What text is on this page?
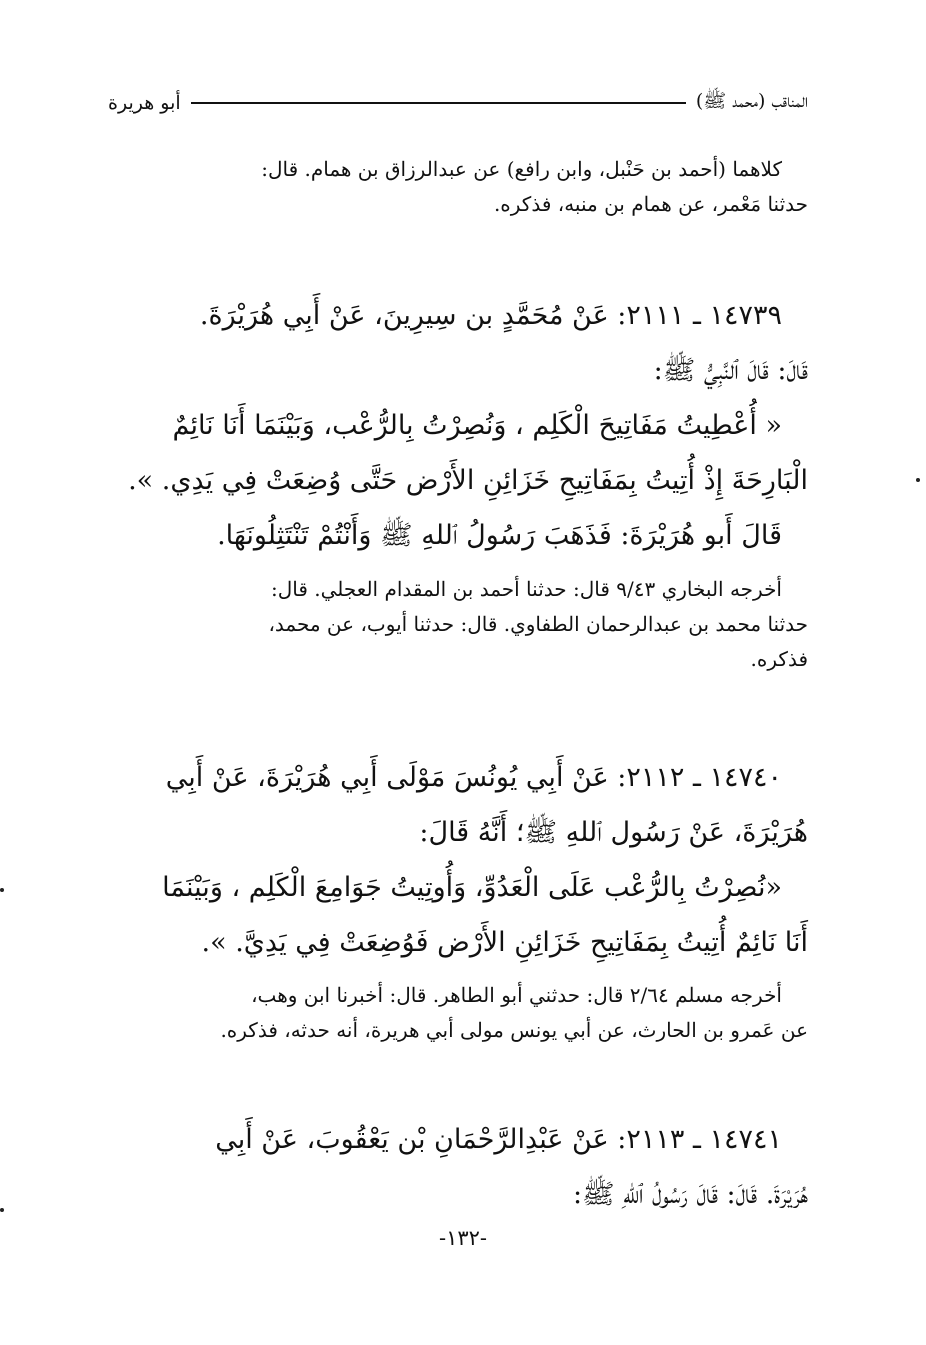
المناقب (محمد ﷺ)
أبو هريرة

كلاهما (أحمد بن حَنْبل، وابن رافع) عن عبدالرزاق بن همام. قال:

حدثنا مَعْمر، عن همام بن منبه، فذكره.

١٤٧٣٩ ـ ٢١١١: عَنْ مُحَمَّدٍ بن سِيرِينَ، عَنْ أَبِي هُرَيْرَةَ.

قَالَ: قَالَ ٱلنَّبِيُّ ﷺ:

« أُعْطِيتُ مَفَاتِيحَ الْكَلِم ، وَنُصِرْتُ بِالرُّعْب، وَبَيْنَمَا أَنَا نَائِمٌ

الْبَارِحَةَ إِذْ أُتِيتُ بِمَفَاتِيحِ خَزَائِنِ الأَرْض حَتَّى وُضِعَتْ فِي يَدِي. ».

قَالَ أَبو هُرَيْرَةَ: فَذَهَبَ رَسُولُ ٱللهِ ﷺ وَأَنْتُمْ تَنْتَثِلُونَهَا.

أخرجه البخاري ٩/٤٣ قال: حدثنا أحمد بن المقدام العجلي. قال:

حدثنا محمد بن عبدالرحمان الطفاوي. قال: حدثنا أيوب، عن محمد،

فذكره.

١٤٧٤٠ ـ ٢١١٢: عَنْ أَبِي يُونُسَ مَوْلَى أَبِي هُرَيْرَةَ، عَنْ أَبِي

هُرَيْرَةَ، عَنْ رَسُول ٱللهِ ﷺ؛ أَنَّهُ قَالَ:

«نُصِرْتُ بِالرُّعْب عَلَى الْعَدُوِّ، وَأُوتِيتُ جَوَامِعَ الْكَلِم ، وَبَيْنَمَا

أَنَا نَائِمٌ أُتِيتُ بِمَفَاتِيحِ خَزَائِنِ الأَرْض فَوُضِعَتْ فِي يَدِيَّ. ».

أخرجه مسلم ٢/٦٤ قال: حدثني أبو الطاهر. قال: أخبرنا ابن وهب،

عن عَمرو بن الحارث، عن أبي يونس مولى أبي هريرة، أنه حدثه، فذكره.

١٤٧٤١ ـ ٢١١٣: عَنْ عَبْدِالرَّحْمَانِ بْن يَعْقُوبَ، عَنْ أَبِي

هُرَيْرَةَ. قَالَ: قَالَ رَسُولُ ٱللهِ ﷺ:

-١٣٢-
